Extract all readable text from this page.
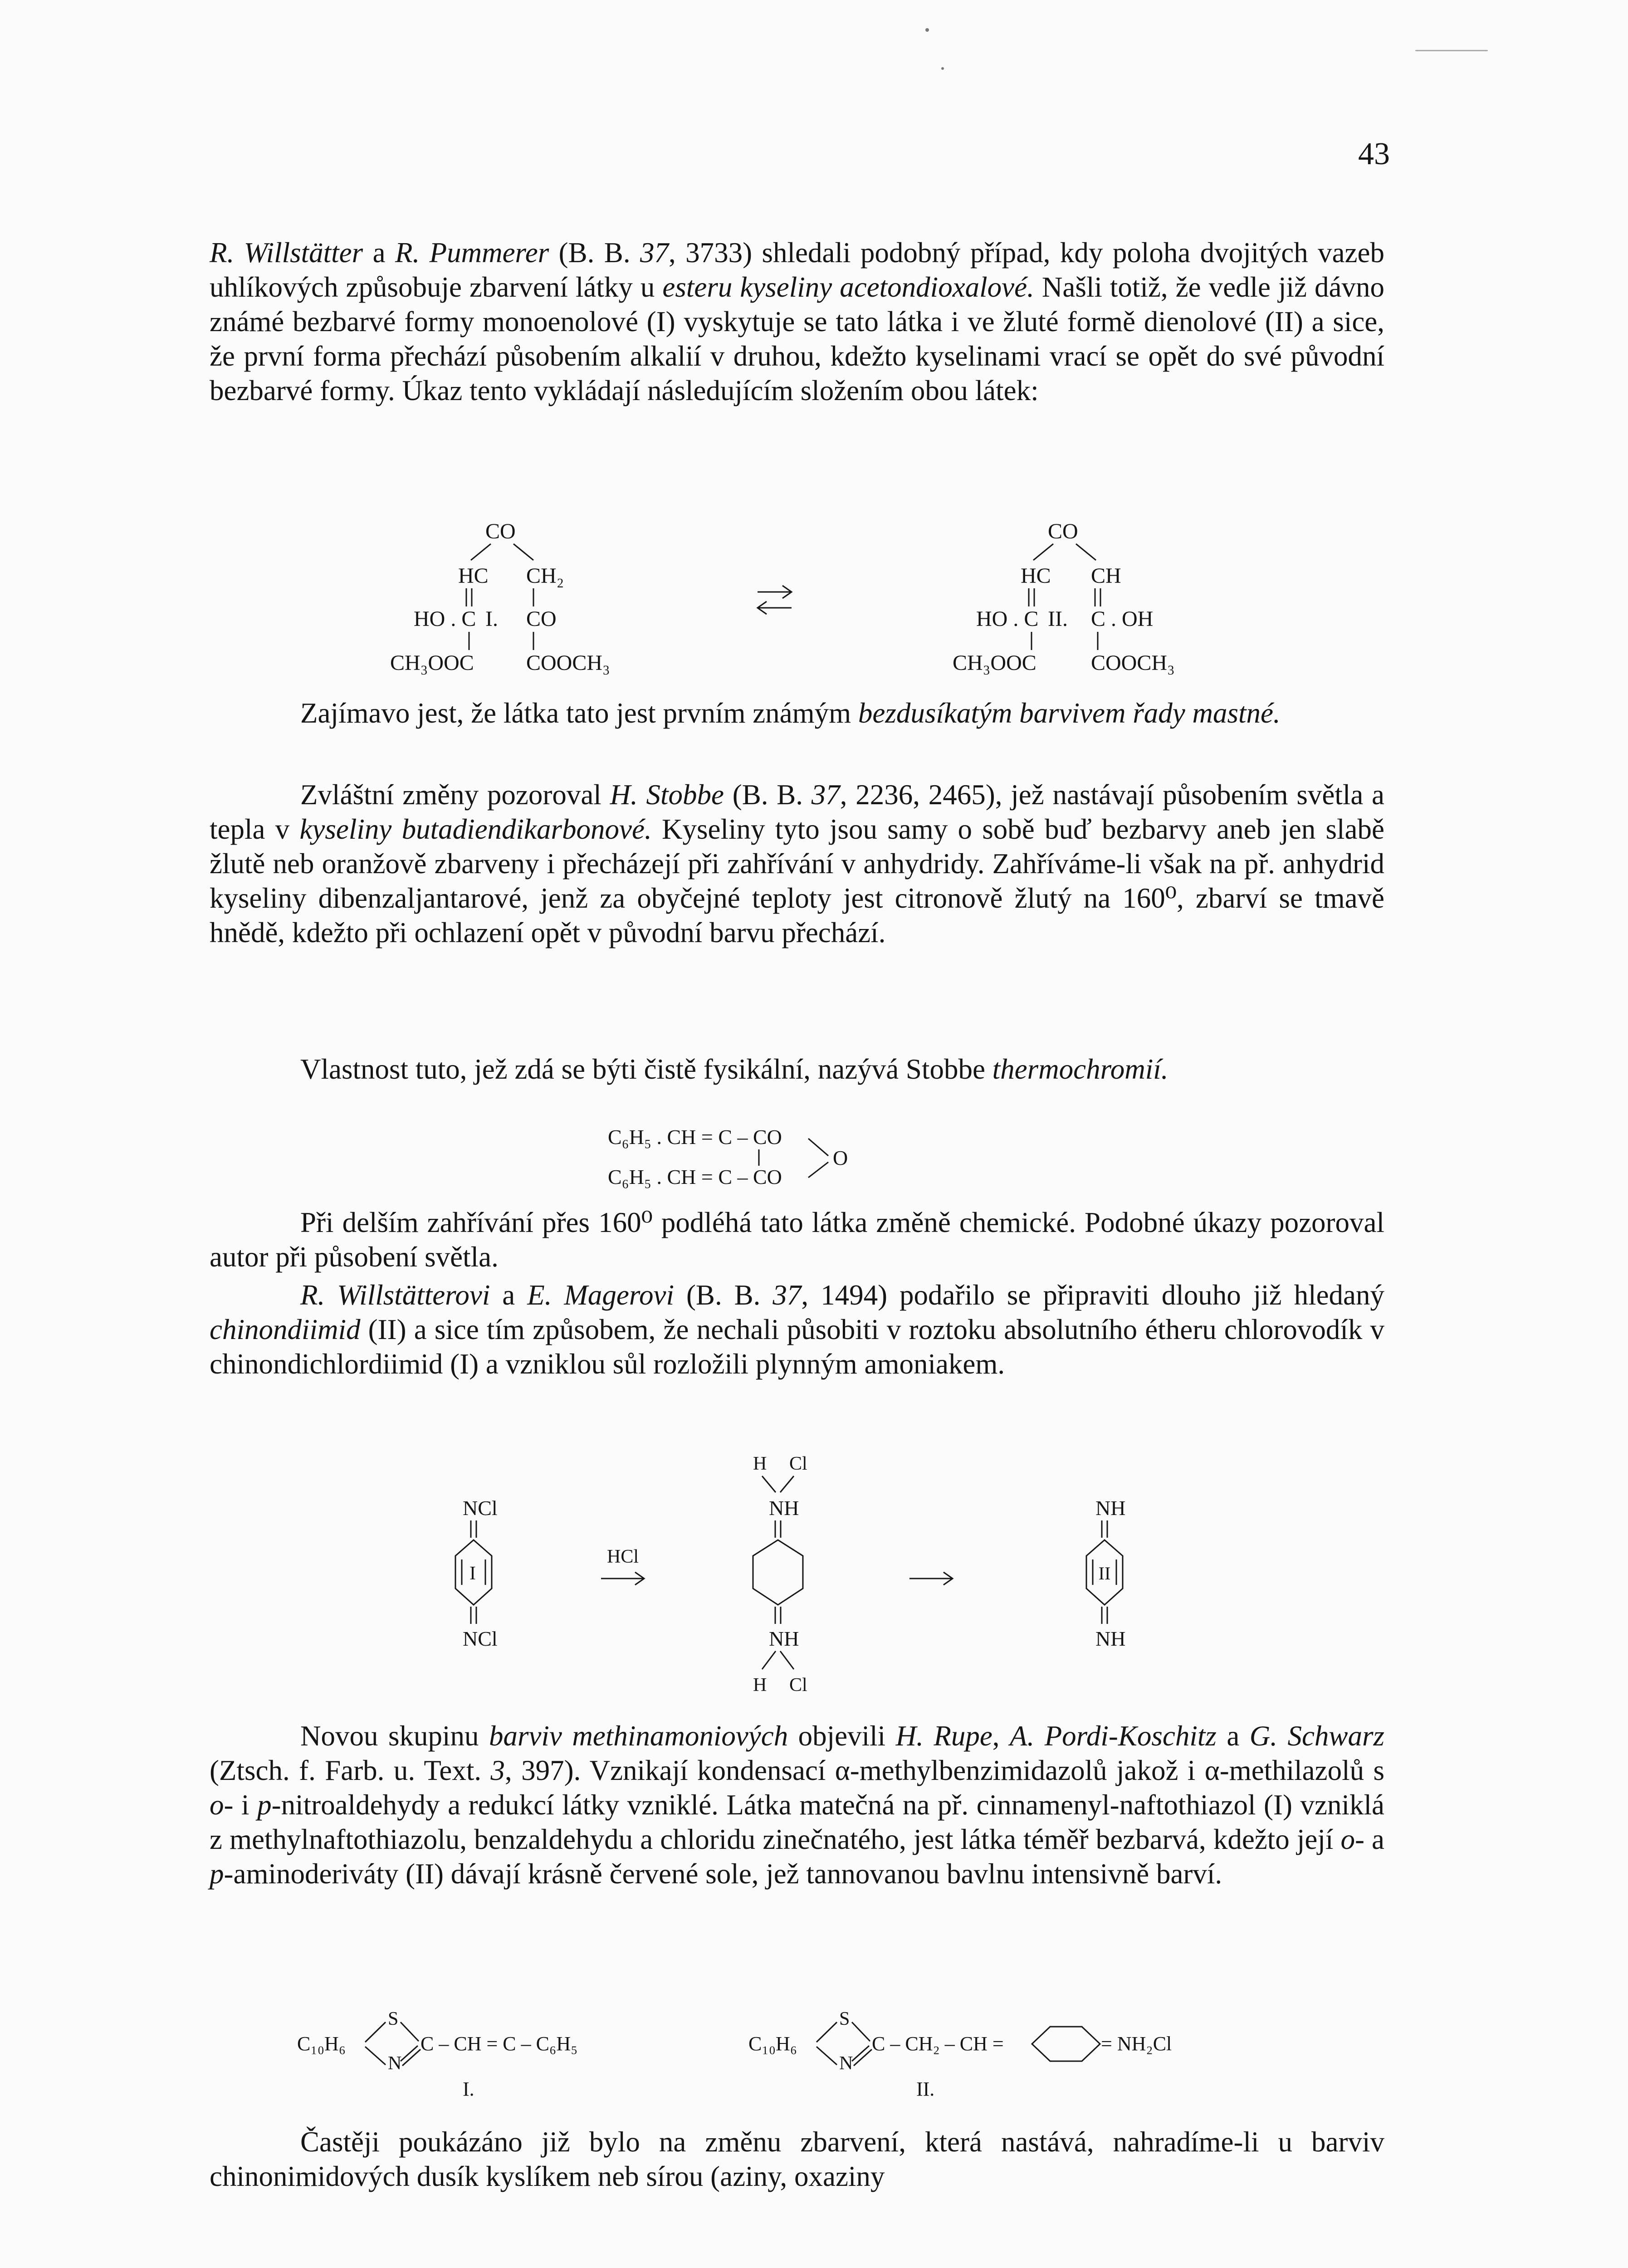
43

R. Willstätter a R. Pummerer (B. B. 37, 3733) shledali podobný případ, kdy poloha dvojitých vazeb uhlíkových způsobuje zbarvení látky u esteru kyseliny acetondioxalové. Našli totiž, že vedle již dávno známé bezbarvé formy monoenolové (I) vyskytuje se tato látka i ve žluté formě dienolové (II) a sice, že první forma přechází působením alkalií v druhou, kdežto kyselinami vrací se opět do své původní bezbarvé formy. Úkaz tento vykládají následujícím složením obou látek:

CO
HC CH₂
HO . C I. CO
CH₃OOC COOCH₃
CO
HC CH
HO . C II. C . OH
CH₃OOC	COOCH₃

Zajímavo jest, že látka tato jest prvním známým bezdusíkatým barvivem řady mastné.

Zvláštní změny pozoroval H. Stobbe (B. B. 37, 2236, 2465), jež nastávají působením světla a tepla v kyseliny butadiendikarbonové. Kyseliny tyto jsou samy o sobě buď bezbarvy aneb jen slabě žlutě neb oranžově zbarveny i přecházejí při zahřívání v anhydridy. Zahříváme-li však na př. anhydrid kyseliny dibenzaljantarové, jenž za obyčejné teploty jest citronově žlutý na 160⁰, zbarví se tmavě hnědě, kdežto při ochlazení opět v původní barvu přechází.

Vlastnost tuto, jež zdá se býti čistě fysikální, nazývá Stobbe thermochromií.

C₆H₅ . CH = C – CO
O
C₆H₅ . CH = C – CO

Při delším zahřívání přes 160⁰ podléhá tato látka změně chemické. Podobné úkazy pozoroval autor při působení světla.

R. Willstätterovi a E. Magerovi (B. B. 37, 1494) podařilo se připraviti dlouho již hledaný chinondiimid (II) a sice tím způsobem, že nechali působiti v roztoku absolutního étheru chlorovodík v chinondichlordiimid (I) a vzniklou sůl rozložili plynným amoniakem.

NCl
I
NCl
HCl
H Cl
NH
NH
H Cl
NH
II
NH

Novou skupinu barviv methinamoniových objevili H. Rupe, A. Pordi-Koschitz a G. Schwarz (Ztsch. f. Farb. u. Text. 3, 397). Vznikají kondensací α-methylbenzimidazolů jakož i α-methilazolů s o- i p-nitroaldehydy a redukcí látky vzniklé. Látka matečná na př. cinnamenyl-naftothiazol (I) vzniklá z methylnaftothiazolu, benzaldehydu a chloridu zinečnatého, jest látka téměř bezbarvá, kdežto její o- a p-aminoderiváty (II) dávají krásně červené sole, jež tannovanou bavlnu intensivně barví.

C₁₀H₆
S
N
C – CH = C – C₆H₅
I.
C₁₀H₆
S
N
C – CH₂ – CH =	= NH₂Cl
II.

Častěji poukázáno již bylo na změnu zbarvení, která nastává, nahradíme-li u barviv chinonimidových dusík kyslíkem neb sírou (aziny, oxaziny
